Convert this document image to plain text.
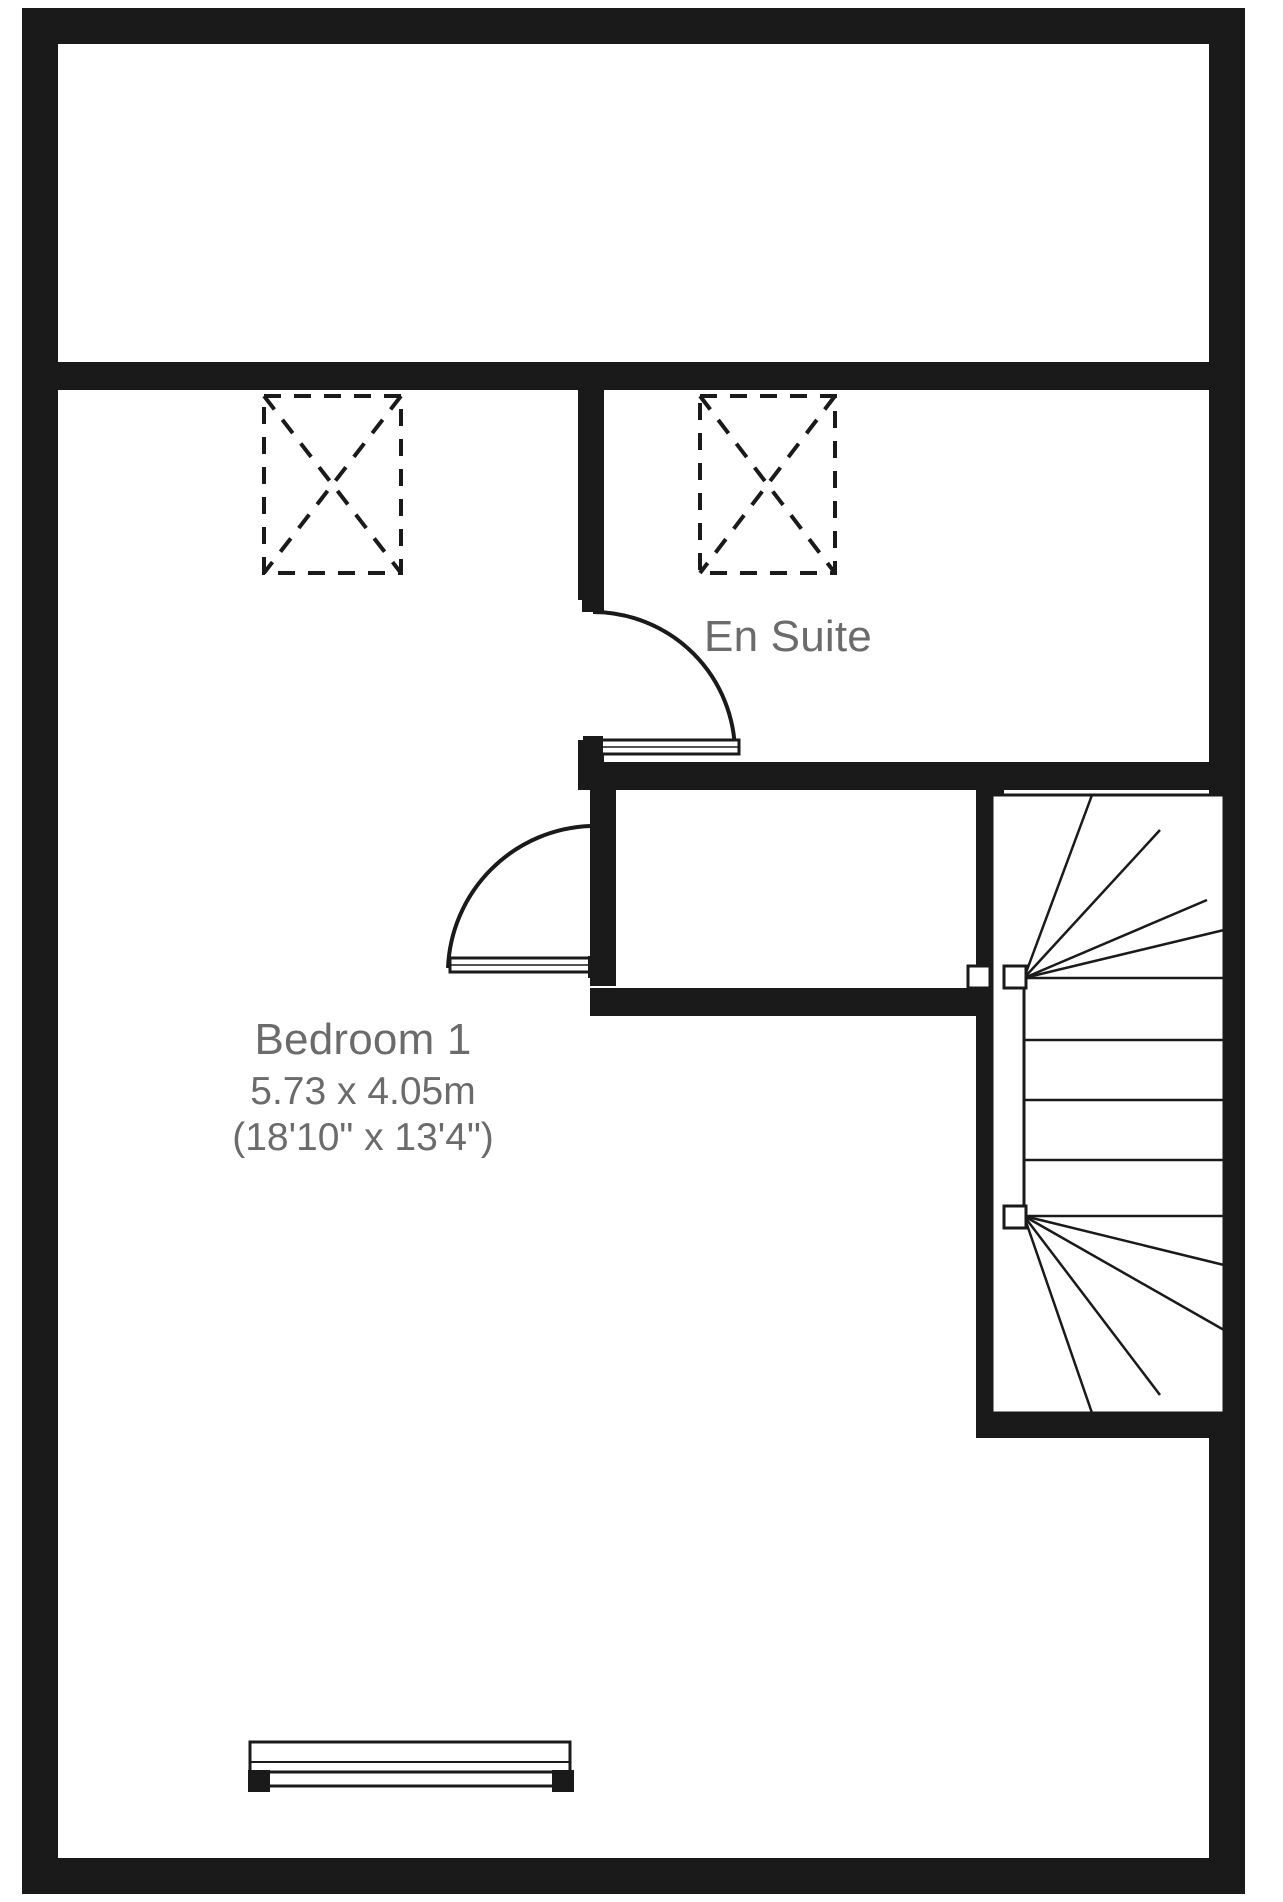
En Suite
Bedroom 1
5.73 x 4.05m
(18'10" x 13'4")
